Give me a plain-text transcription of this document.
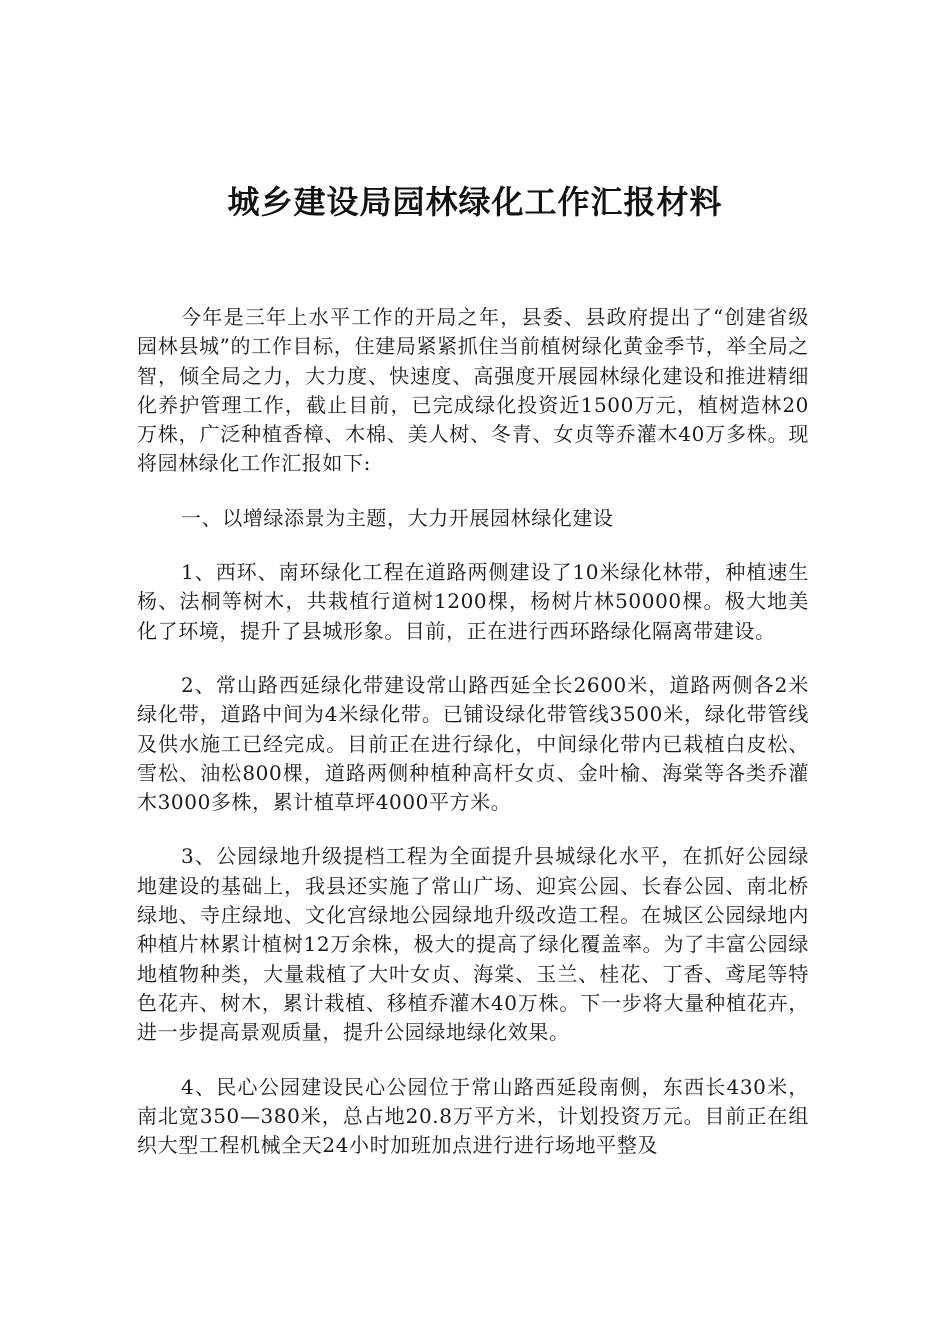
城乡建设局园林绿化工作汇报材料

今年是三年上水平工作的开局之年，县委、县政府提出了“创建省级园林县城”的工作目标，住建局紧紧抓住当前植树绿化黄金季节，举全局之智，倾全局之力，大力度、快速度、高强度开展园林绿化建设和推进精细化养护管理工作，截止目前，已完成绿化投资近1500万元，植树造林20万株，广泛种植香樟、木棉、美人树、冬青、女贞等乔灌木40万多株。现将园林绿化工作汇报如下:

一、以增绿添景为主题，大力开展园林绿化建设

1、西环、南环绿化工程在道路两侧建设了10米绿化林带，种植速生杨、法桐等树木，共栽植行道树1200棵，杨树片林50000棵。极大地美化了环境，提升了县城形象。目前，正在进行西环路绿化隔离带建设。

2、常山路西延绿化带建设常山路西延全长2600米，道路两侧各2米绿化带，道路中间为4米绿化带。已铺设绿化带管线3500米，绿化带管线及供水施工已经完成。目前正在进行绿化，中间绿化带内已栽植白皮松、雪松、油松800棵，道路两侧种植种高杆女贞、金叶榆、海棠等各类乔灌木3000多株，累计植草坪4000平方米。

3、公园绿地升级提档工程为全面提升县城绿化水平，在抓好公园绿地建设的基础上，我县还实施了常山广场、迎宾公园、长春公园、南北桥绿地、寺庄绿地、文化宫绿地公园绿地升级改造工程。在城区公园绿地内种植片林累计植树12万余株，极大的提高了绿化覆盖率。为了丰富公园绿地植物种类，大量栽植了大叶女贞、海棠、玉兰、桂花、丁香、鸢尾等特色花卉、树木，累计栽植、移植乔灌木40万株。下一步将大量种植花卉，进一步提高景观质量，提升公园绿地绿化效果。

4、民心公园建设民心公园位于常山路西延段南侧，东西长430米，南北宽350—380米，总占地20.8万平方米，计划投资万元。目前正在组织大型工程机械全天24小时加班加点进行进行场地平整及
